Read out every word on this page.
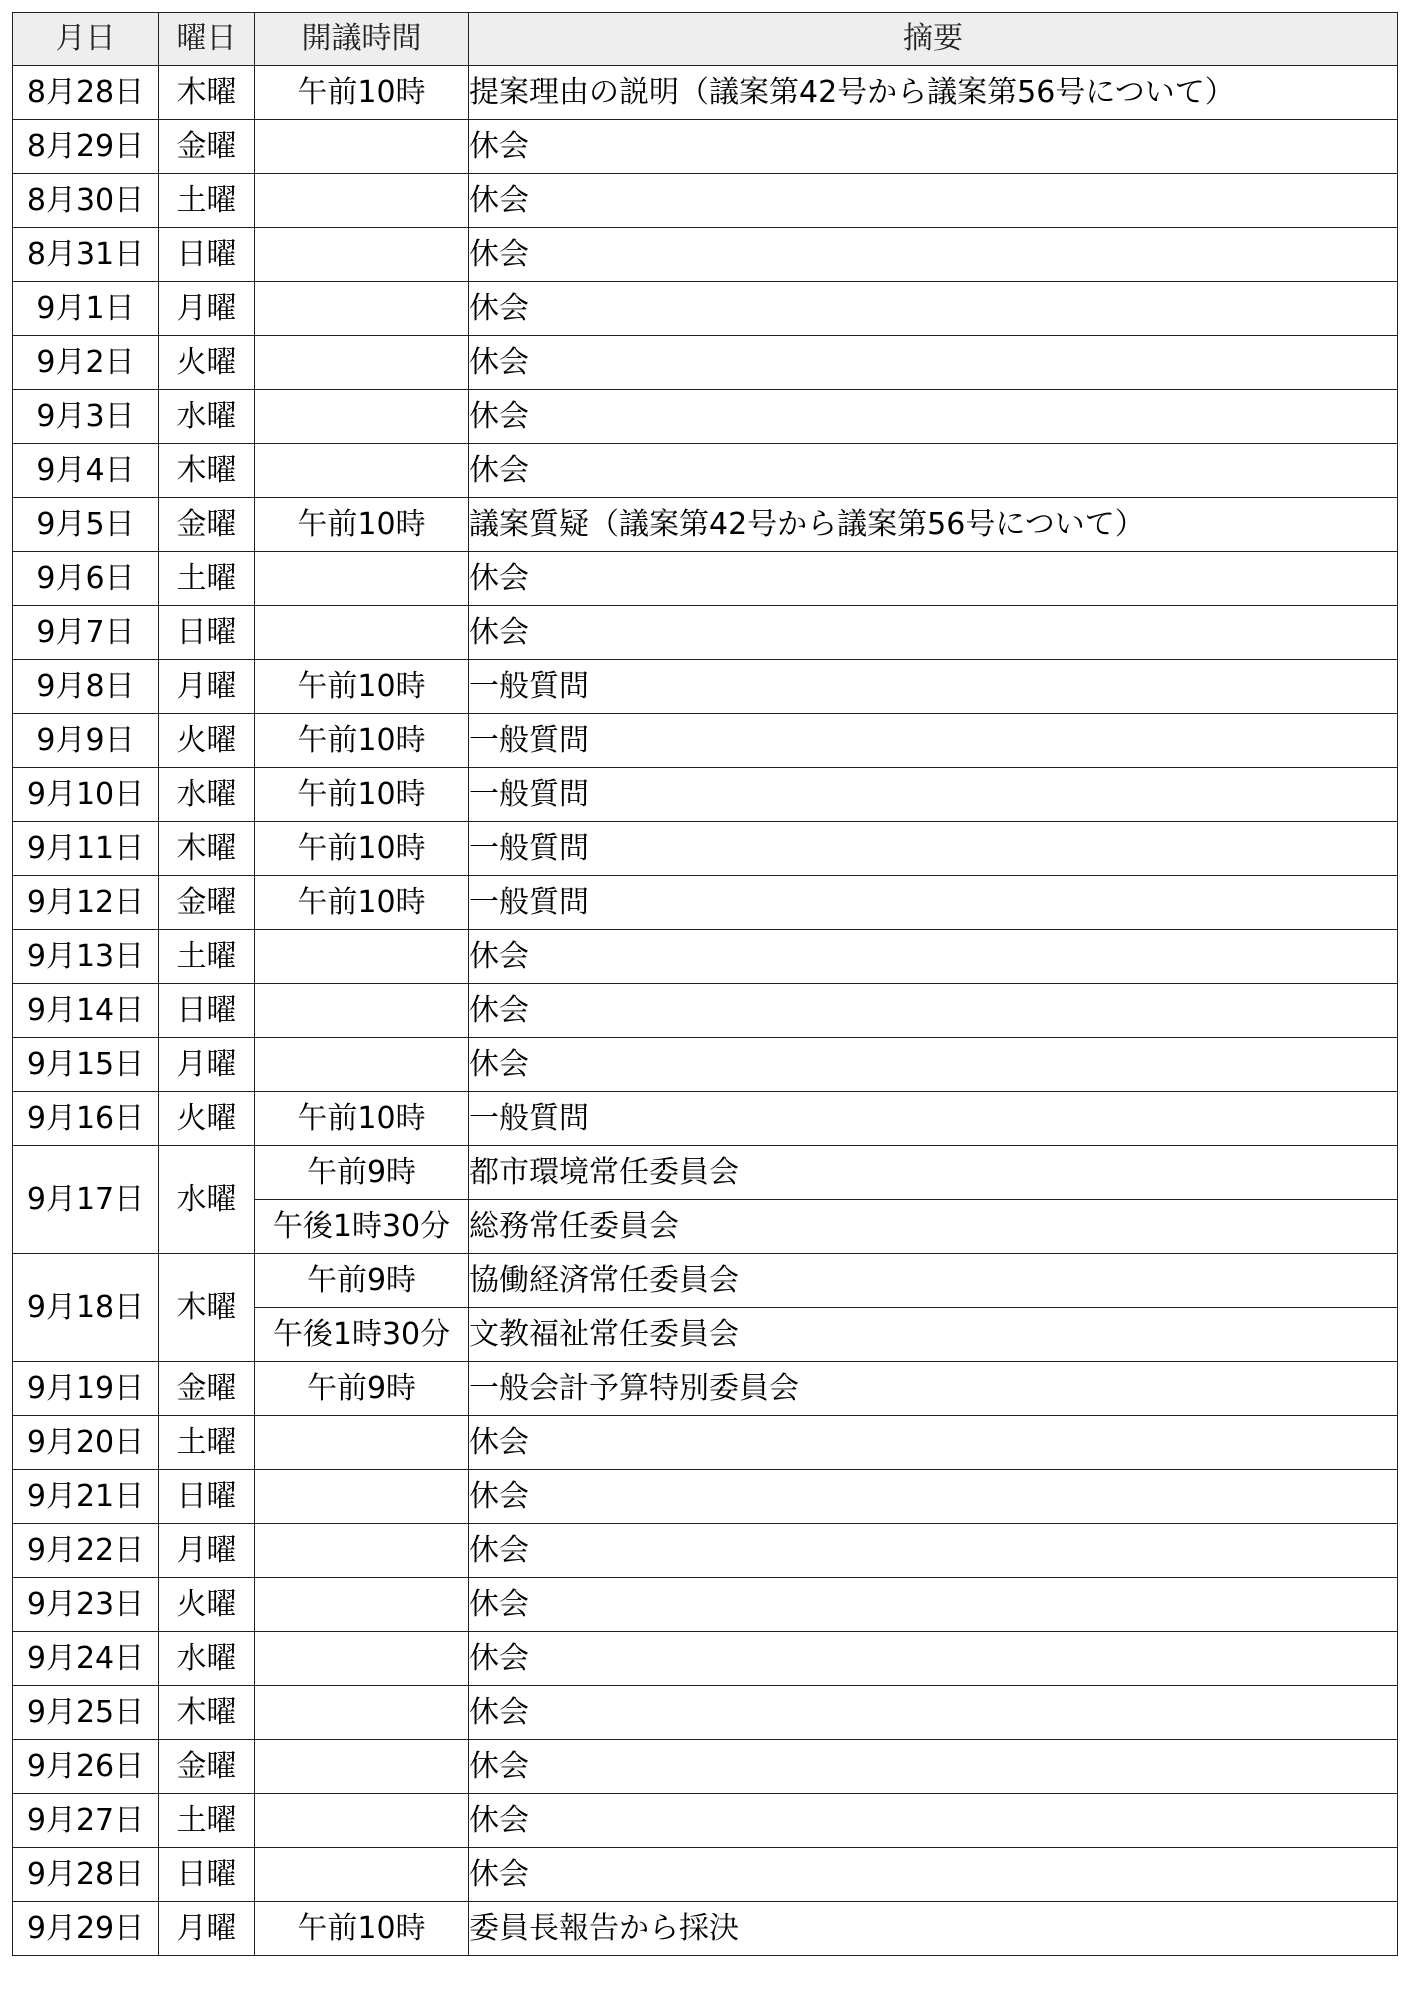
月日	曜日	開議時間	摘要
8月28日	木曜	午前10時	提案理由の説明（議案第42号から議案第56号について）
8月29日	金曜		休会
8月30日	土曜		休会
8月31日	日曜		休会
9月1日	月曜		休会
9月2日	火曜		休会
9月3日	水曜		休会
9月4日	木曜		休会
9月5日	金曜	午前10時	議案質疑（議案第42号から議案第56号について）
9月6日	土曜		休会
9月7日	日曜		休会
9月8日	月曜	午前10時	一般質問
9月9日	火曜	午前10時	一般質問
9月10日	水曜	午前10時	一般質問
9月11日	木曜	午前10時	一般質問
9月12日	金曜	午前10時	一般質問
9月13日	土曜		休会
9月14日	日曜		休会
9月15日	月曜		休会
9月16日	火曜	午前10時	一般質問
9月17日	水曜	午前9時	都市環境常任委員会
		午後1時30分	総務常任委員会
9月18日	木曜	午前9時	協働経済常任委員会
		午後1時30分	文教福祉常任委員会
9月19日	金曜	午前9時	一般会計予算特別委員会
9月20日	土曜		休会
9月21日	日曜		休会
9月22日	月曜		休会
9月23日	火曜		休会
9月24日	水曜		休会
9月25日	木曜		休会
9月26日	金曜		休会
9月27日	土曜		休会
9月28日	日曜		休会
9月29日	月曜	午前10時	委員長報告から採決
